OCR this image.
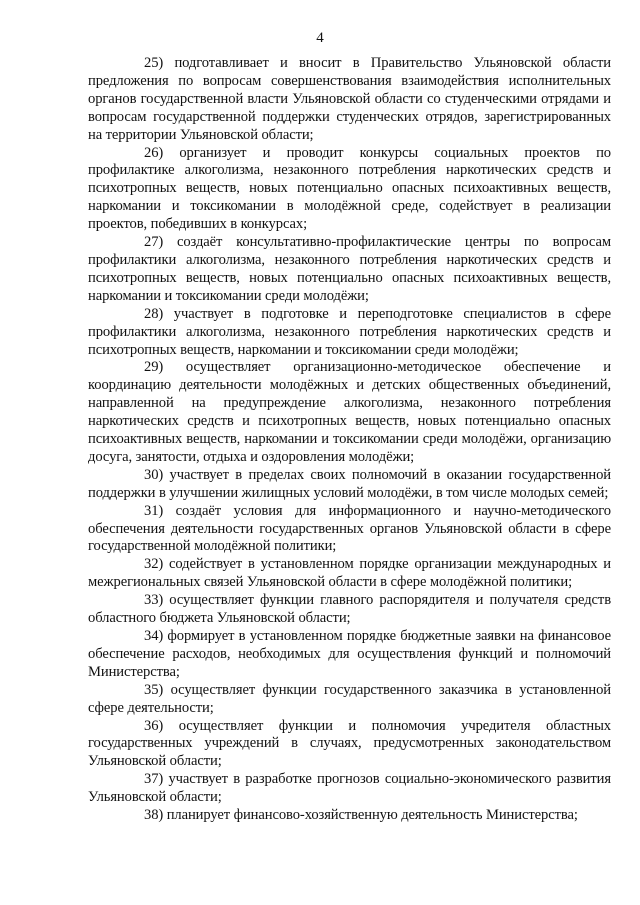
4

25) подготавливает и вносит в Правительство Ульяновской области предложения по вопросам совершенствования взаимодействия исполнительных органов государственной власти Ульяновской области со студенческими отрядами и вопросам государственной поддержки студенческих отрядов, зарегистрированных на территории Ульяновской области;

26) организует и проводит конкурсы социальных проектов по профилактике алкоголизма, незаконного потребления наркотических средств и психотропных веществ, новых потенциально опасных психоактивных веществ, наркомании и токсикомании в молодёжной среде, содействует в реализации проектов, победивших в конкурсах;

27) создаёт консультативно-профилактические центры по вопросам профилактики алкоголизма, незаконного потребления наркотических средств и психотропных веществ, новых потенциально опасных психоактивных веществ, наркомании и токсикомании среди молодёжи;

28) участвует в подготовке и переподготовке специалистов в сфере профилактики алкоголизма, незаконного потребления наркотических средств и психотропных веществ, наркомании и токсикомании среди молодёжи;

29) осуществляет организационно-методическое обеспечение и координацию деятельности молодёжных и детских общественных объединений, направленной на предупреждение алкоголизма, незаконного потребления наркотических средств и психотропных веществ, новых потенциально опасных психоактивных веществ, наркомании и токсикомании среди молодёжи, организацию досуга, занятости, отдыха и оздоровления молодёжи;

30) участвует в пределах своих полномочий в оказании государственной поддержки в улучшении жилищных условий молодёжи, в том числе молодых семей;

31) создаёт условия для информационного и научно-методического обеспечения деятельности государственных органов Ульяновской области в сфере государственной молодёжной политики;

32) содействует в установленном порядке организации международных и межрегиональных связей Ульяновской области в сфере молодёжной политики;

33) осуществляет функции главного распорядителя и получателя средств областного бюджета Ульяновской области;

34) формирует в установленном порядке бюджетные заявки на финансовое обеспечение расходов, необходимых для осуществления функций и полномочий Министерства;

35) осуществляет функции государственного заказчика в установленной сфере деятельности;

36) осуществляет функции и полномочия учредителя областных государственных учреждений в случаях, предусмотренных законодательством Ульяновской области;

37) участвует в разработке прогнозов социально-экономического развития Ульяновской области;

38) планирует финансово-хозяйственную деятельность Министерства;
